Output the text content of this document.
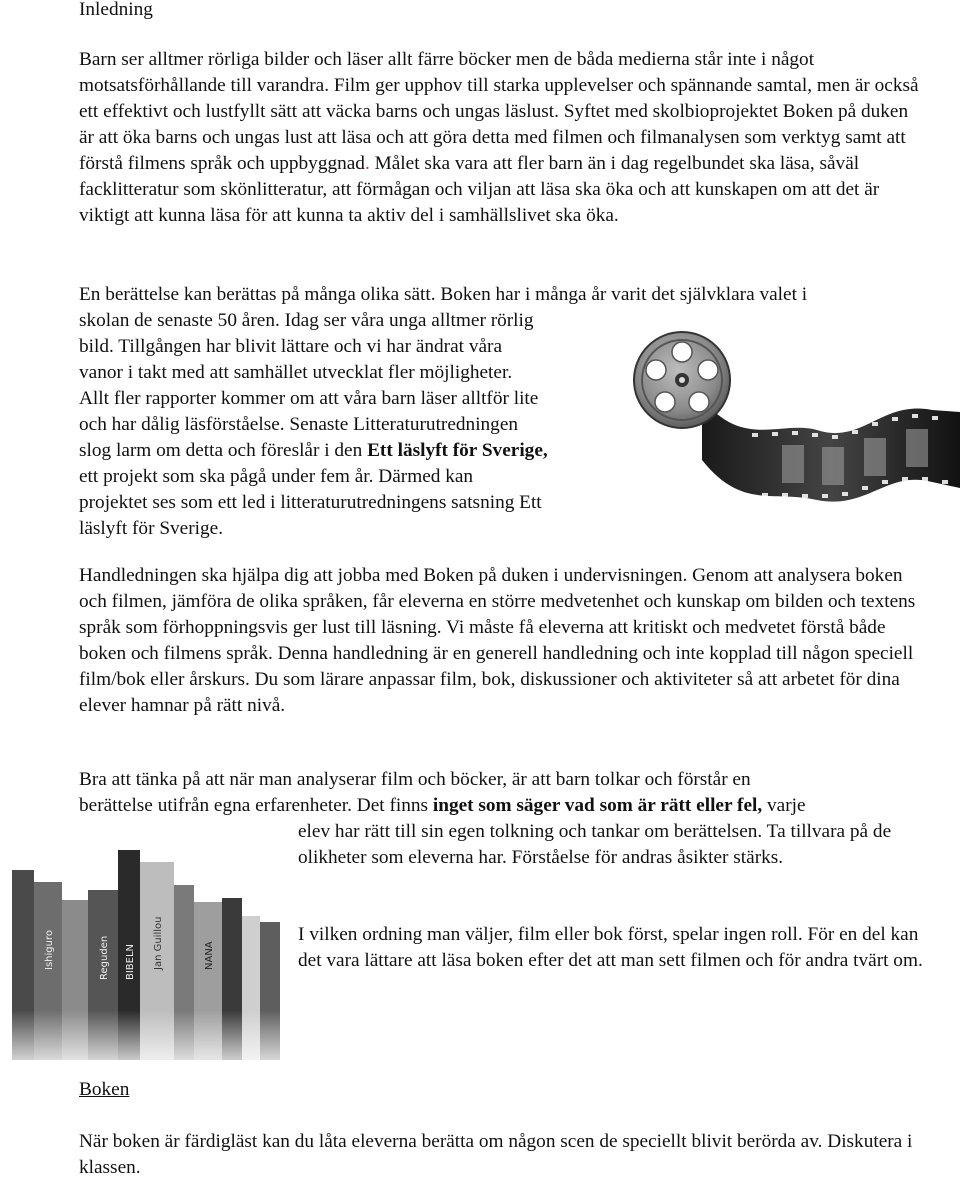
Inledning

Barn ser alltmer rörliga bilder och läser allt färre böcker men de båda medierna står inte i något motsatsförhållande till varandra. Film ger upphov till starka upplevelser och spännande samtal, men är också ett effektivt och lustfyllt sätt att väcka barns och ungas läslust. Syftet med skolbioprojektet Boken på duken är att öka barns och ungas lust att läsa och att göra detta med filmen och filmanalysen som verktyg samt att förstå filmens språk och uppbyggnad. Målet ska vara att fler barn än i dag regelbundet ska läsa, såväl facklitteratur som skönlitteratur, att förmågan och viljan att läsa ska öka och att kunskapen om att det är viktigt att kunna läsa för att kunna ta aktiv del i samhällslivet ska öka.

En berättelse kan berättas på många olika sätt. Boken har i många år varit det självklara valet i
skolan de senaste 50 åren. Idag ser våra unga alltmer rörlig
bild. Tillgången har blivit lättare och vi har ändrat våra
vanor i takt med att samhället utvecklat fler möjligheter.
Allt fler rapporter kommer om att våra barn läser alltför lite
och har dålig läsförståelse. Senaste Litteraturutredningen
slog larm om detta och föreslår i den Ett läslyft för Sverige,
ett projekt som ska pågå under fem år. Därmed kan
projektet ses som ett led i litteraturutredningens satsning Ett
läslyft för Sverige.

Handledningen ska hjälpa dig att jobba med Boken på duken i undervisningen. Genom att analysera boken och filmen, jämföra de olika språken, får eleverna en större medvetenhet och kunskap om bilden och textens språk som förhoppningsvis ger lust till läsning. Vi måste få eleverna att kritiskt och medvetet förstå både boken och filmens språk. Denna handledning är en generell handledning och inte kopplad till någon speciell film/bok eller årskurs. Du som lärare anpassar film, bok, diskussioner och aktiviteter så att arbetet för dina elever hamnar på rätt nivå.

Bra att tänka på att när man analyserar film och böcker, är att barn tolkar och förstår en
berättelse utifrån egna erfarenheter. Det finns inget som säger vad som är rätt eller fel, varje

elev har rätt till sin egen tolkning och tankar om berättelsen. Ta tillvara på de olikheter som eleverna har. Förståelse för andras åsikter stärks.

I vilken ordning man väljer, film eller bok först, spelar ingen roll. För en del kan det vara lättare att läsa boken efter det att man sett filmen och för andra tvärt om.

Boken

När boken är färdigläst kan du låta eleverna berätta om någon scen de speciellt blivit berörda av. Diskutera i klassen.
